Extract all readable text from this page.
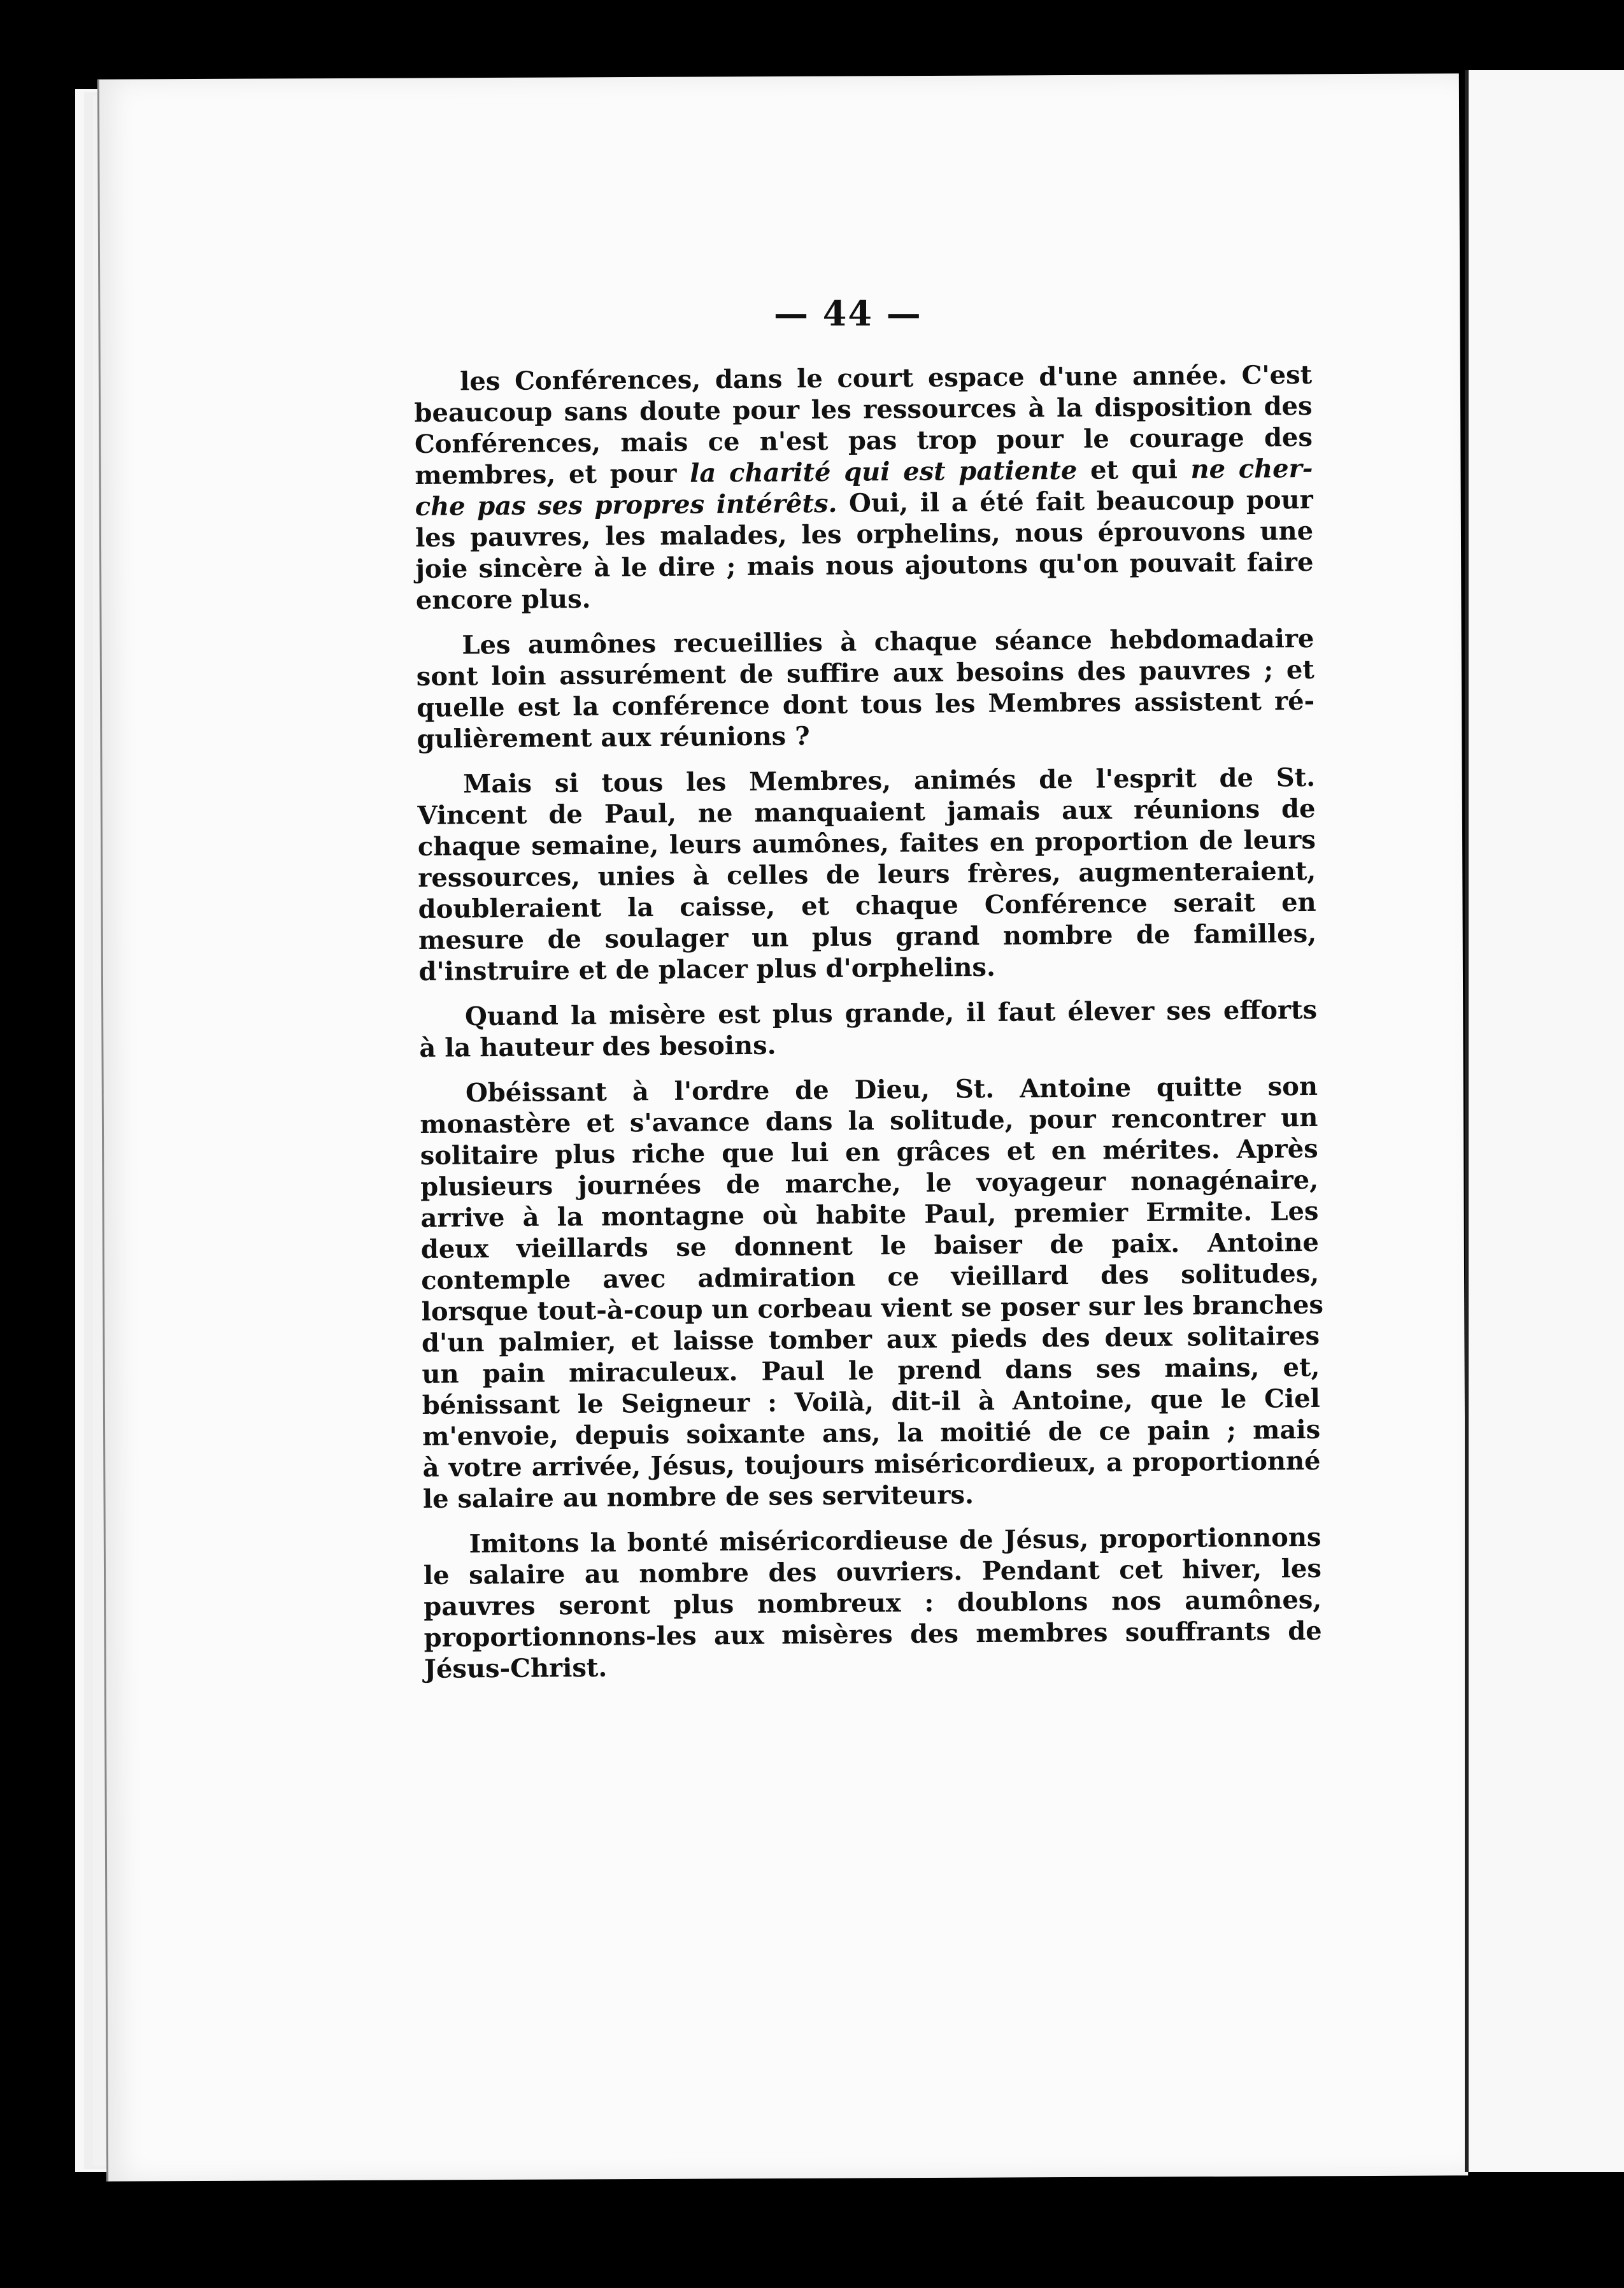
— 44 —

les Conférences, dans le court espace d'une année. C'est
beaucoup sans doute pour les ressources à la disposition des
Conférences, mais ce n'est pas trop pour le courage des
membres, et pour la charité qui est patiente et qui ne cher-
che pas ses propres intérêts. Oui, il a été fait beaucoup pour
les pauvres, les malades, les orphelins, nous éprouvons une
joie sincère à le dire ; mais nous ajoutons qu'on pouvait faire
encore plus.

Les aumônes recueillies à chaque séance hebdomadaire
sont loin assurément de suffire aux besoins des pauvres ; et
quelle est la conférence dont tous les Membres assistent ré-
gulièrement aux réunions ?

Mais si tous les Membres, animés de l'esprit de St.
Vincent de Paul, ne manquaient jamais aux réunions de
chaque semaine, leurs aumônes, faites en proportion de leurs
ressources, unies à celles de leurs frères, augmenteraient,
doubleraient la caisse, et chaque Conférence serait en
mesure de soulager un plus grand nombre de familles,
d'instruire et de placer plus d'orphelins.

Quand la misère est plus grande, il faut élever ses efforts
à la hauteur des besoins.

Obéissant à l'ordre de Dieu, St. Antoine quitte son
monastère et s'avance dans la solitude, pour rencontrer un
solitaire plus riche que lui en grâces et en mérites. Après
plusieurs journées de marche, le voyageur nonagénaire,
arrive à la montagne où habite Paul, premier Ermite. Les
deux vieillards se donnent le baiser de paix. Antoine
contemple avec admiration ce vieillard des solitudes,
lorsque tout-à-coup un corbeau vient se poser sur les branches
d'un palmier, et laisse tomber aux pieds des deux solitaires
un pain miraculeux. Paul le prend dans ses mains, et,
bénissant le Seigneur : Voilà, dit-il à Antoine, que le Ciel
m'envoie, depuis soixante ans, la moitié de ce pain ; mais
à votre arrivée, Jésus, toujours miséricordieux, a proportionné
le salaire au nombre de ses serviteurs.

Imitons la bonté miséricordieuse de Jésus, proportionnons
le salaire au nombre des ouvriers. Pendant cet hiver, les
pauvres seront plus nombreux : doublons nos aumônes,
proportionnons-les aux misères des membres souffrants de
Jésus-Christ.
